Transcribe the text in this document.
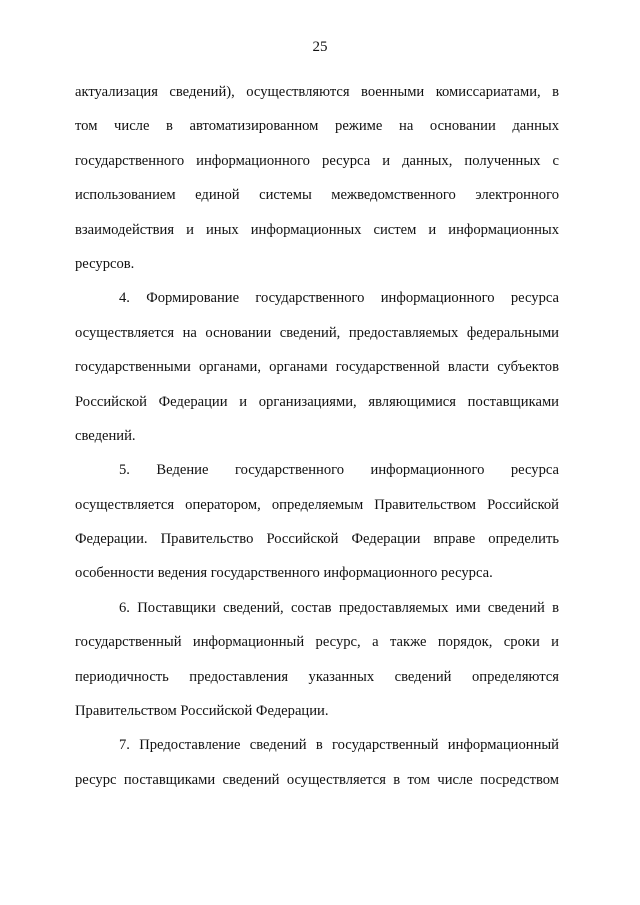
25
актуализация сведений), осуществляются военными комиссариатами, в
том числе в автоматизированном режиме на основании данных
государственного информационного ресурса и данных, полученных с
использованием единой системы межведомственного электронного
взаимодействия и иных информационных систем и информационных
ресурсов.
4. Формирование государственного информационного ресурса
осуществляется на основании сведений, предоставляемых федеральными
государственными органами, органами государственной власти субъектов
Российской Федерации и организациями, являющимися поставщиками
сведений.
5. Ведение государственного информационного ресурса
осуществляется оператором, определяемым Правительством Российской
Федерации. Правительство Российской Федерации вправе определить
особенности ведения государственного информационного ресурса.
6. Поставщики сведений, состав предоставляемых ими сведений в
государственный информационный ресурс, а также порядок, сроки и
периодичность предоставления указанных сведений определяются
Правительством Российской Федерации.
7. Предоставление сведений в государственный информационный
ресурс поставщиками сведений осуществляется в том числе посредством
